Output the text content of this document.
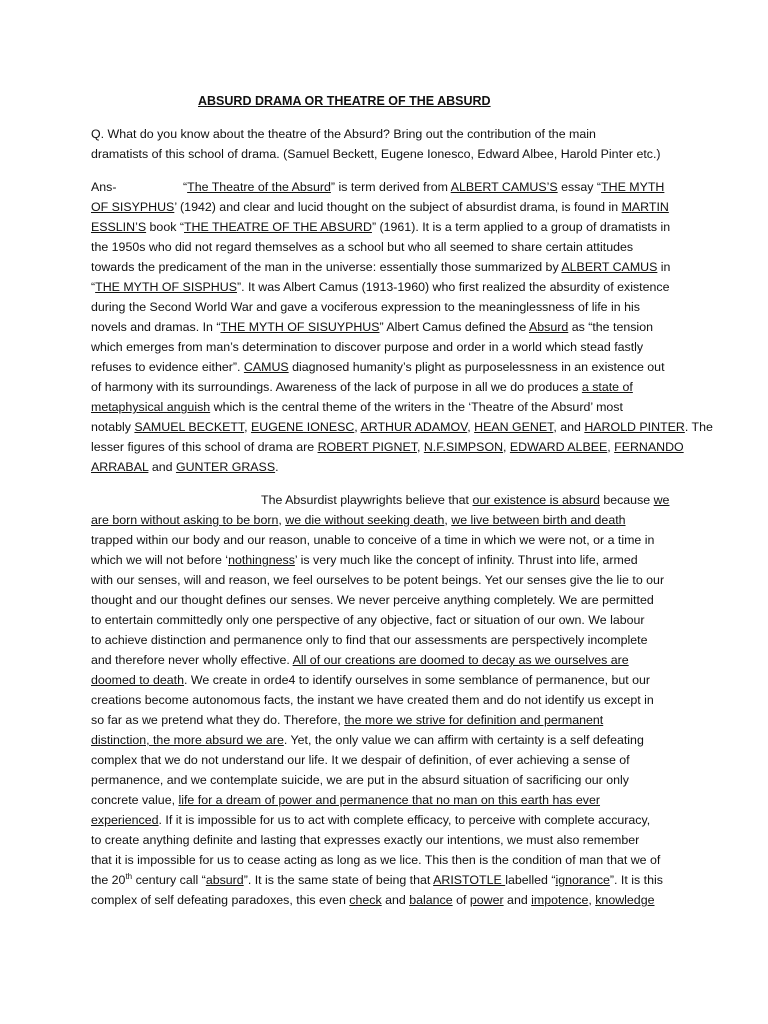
ABSURD DRAMA OR THEATRE OF THE ABSURD
Q. What do you know about the theatre of the Absurd? Bring out the contribution of the main
dramatists of this school of drama. (Samuel Beckett, Eugene Ionesco, Edward Albee, Harold Pinter etc.)
Ans-	“The Theatre of the Absurd” is term derived from ALBERT CAMUS’S essay “THE MYTH
OF SISYPHUS’ (1942) and clear and lucid thought on the subject of absurdist drama, is found in MARTIN
ESSLIN’S book “THE THEATRE OF THE ABSURD” (1961). It is a term applied to a group of dramatists in
the 1950s who did not regard themselves as a school but who all seemed to share certain attitudes
towards the predicament of the man in the universe: essentially those summarized by ALBERT CAMUS in
“THE MYTH OF SISPHUS”. It was Albert Camus (1913-1960) who first realized the absurdity of existence
during the Second World War and gave a vociferous expression to the meaninglessness of life in his
novels and dramas. In “THE MYTH OF SISUYPHUS” Albert Camus defined the Absurd as “the tension
which emerges from man’s determination to discover purpose and order in a world which stead fastly
refuses to evidence either”. CAMUS diagnosed humanity’s plight as purposelessness in an existence out
of harmony with its surroundings. Awareness of the lack of purpose in all we do produces a state of
metaphysical anguish which is the central theme of the writers in the ‘Theatre of the Absurd’ most
notably SAMUEL BECKETT, EUGENE IONESC, ARTHUR ADAMOV, HEAN GENET, and HAROLD PINTER. The
lesser figures of this school of drama are ROBERT PIGNET, N.F.SIMPSON, EDWARD ALBEE, FERNANDO
ARRABAL and GUNTER GRASS.
The Absurdist playwrights believe that our existence is absurd because we
are born without asking to be born, we die without seeking death, we live between birth and death
trapped within our body and our reason, unable to conceive of a time in which we were not, or a time in
which we will not before ‘nothingness’ is very much like the concept of infinity. Thrust into life, armed
with our senses, will and reason, we feel ourselves to be potent beings. Yet our senses give the lie to our
thought and our thought defines our senses. We never perceive anything completely. We are permitted
to entertain committedly only one perspective of any objective, fact or situation of our own. We labour
to achieve distinction and permanence only to find that our assessments are perspectively incomplete
and therefore never wholly effective. All of our creations are doomed to decay as we ourselves are
doomed to death. We create in orde4 to identify ourselves in some semblance of permanence, but our
creations become autonomous facts, the instant we have created them and do not identify us except in
so far as we pretend what they do. Therefore, the more we strive for definition and permanent
distinction, the more absurd we are. Yet, the only value we can affirm with certainty is a self defeating
complex that we do not understand our life. It we despair of definition, of ever achieving a sense of
permanence, and we contemplate suicide, we are put in the absurd situation of sacrificing our only
concrete value, life for a dream of power and permanence that no man on this earth has ever
experienced. If it is impossible for us to act with complete efficacy, to perceive with complete accuracy,
to create anything definite and lasting that expresses exactly our intentions, we must also remember
that it is impossible for us to cease acting as long as we lice. This then is the condition of man that we of
the 20th century call “absurd”. It is the same state of being that ARISTOTLE labelled “ignorance”. It is this
complex of self defeating paradoxes, this even check and balance of power and impotence, knowledge
